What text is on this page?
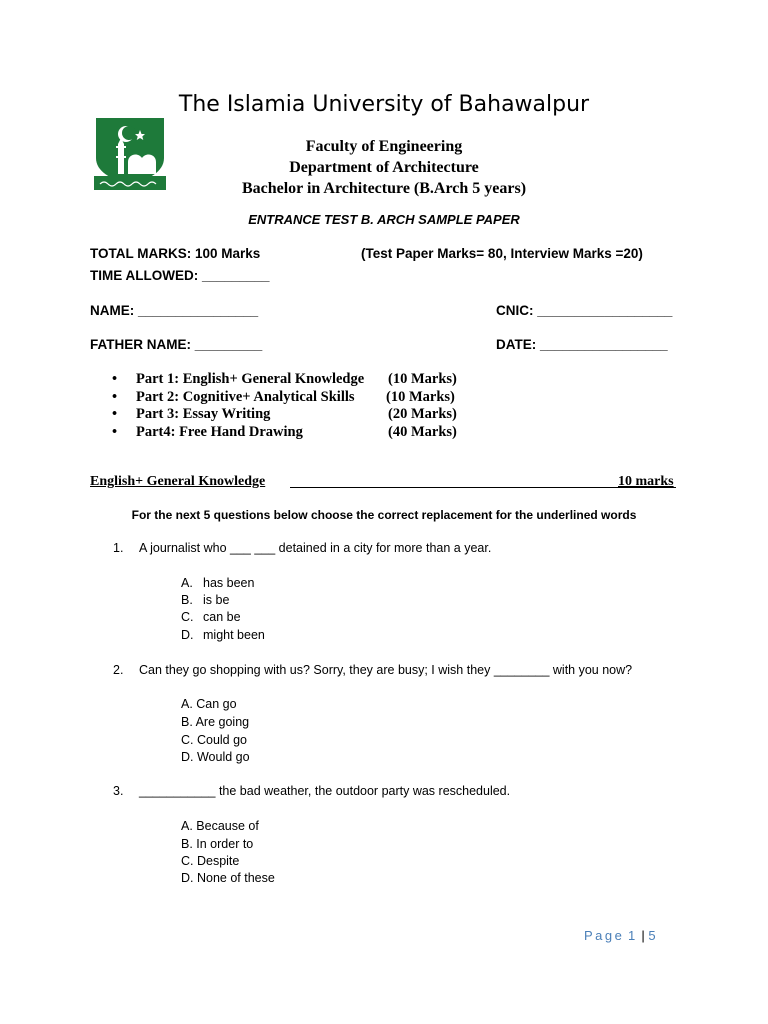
The Islamia University of Bahawalpur
Faculty of Engineering
Department of Architecture
Bachelor in Architecture (B.Arch 5 years)
ENTRANCE TEST B. ARCH SAMPLE PAPER
TOTAL MARKS: 100 Marks	(Test Paper Marks= 80, Interview Marks =20)
TIME ALLOWED: _________
NAME: ________________	CNIC: __________________
FATHER NAME: _________	DATE: _________________
• Part 1: English+ General Knowledge (10 Marks)
• Part 2: Cognitive+ Analytical Skills (10 Marks)
• Part 3: Essay Writing	(20 Marks)
• Part4: Free Hand Drawing	(40 Marks)
English+ General Knowledge	10 marks
For the next 5 questions below choose the correct replacement for the underlined words
1. A journalist who ___ ___ detained in a city for more than a year.
A. has been
B. is be
C. can be
D. might been
2. Can they go shopping with us? Sorry, they are busy; I wish they ________ with you now?
A. Can go
B. Are going
C. Could go
D. Would go
3. ___________ the bad weather, the outdoor party was rescheduled.
A. Because of
B. In order to
C. Despite
D. None of these
Page 1 | 5
